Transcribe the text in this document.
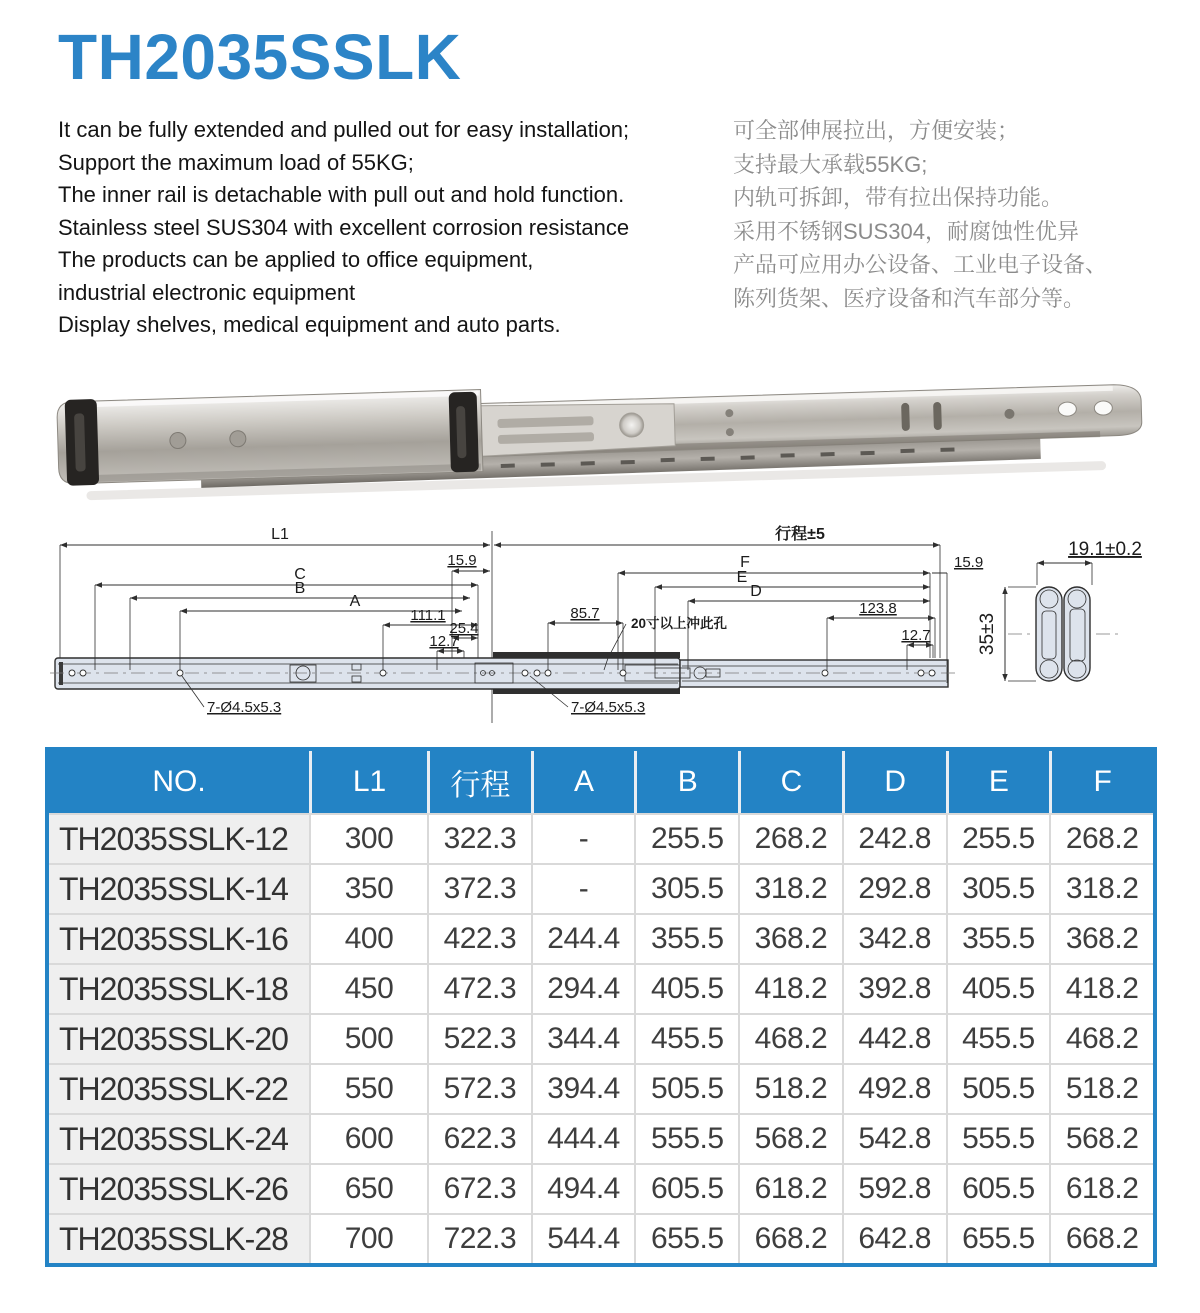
TH2035SSLK
It can be fully extended and pulled out for easy installation;
Support the maximum load of 55KG;
The inner rail is detachable with pull out and hold function.
Stainless steel SUS304 with excellent corrosion resistance
The products can be applied to office equipment,
industrial electronic equipment
Display shelves, medical equipment and auto parts.
可全部伸展拉出，方便安装；
支持最大承载55KG;
内轨可拆卸，带有拉出保持功能。
采用不锈钢SUS304，耐腐蚀性优异
产品可应用办公设备、工业电子设备、
陈列货架、医疗设备和汽车部分等。
L1
15.9
C
B
A
111.1
25.4
12.7
7-Ø4.5x5.3
行程±5
F	15.9
E
D
123.8
85.7
12.7
20寸以上冲此孔
7-Ø4.5x5.3
19.1±0.2
35±3
NO.	L1	行程	A	B	C	D	E	F
TH2035SSLK-12	300	322.3	-	255.5	268.2	242.8	255.5	268.2
TH2035SSLK-14	350	372.3	-	305.5	318.2	292.8	305.5	318.2
TH2035SSLK-16	400	422.3	244.4	355.5	368.2	342.8	355.5	368.2
TH2035SSLK-18	450	472.3	294.4	405.5	418.2	392.8	405.5	418.2
TH2035SSLK-20	500	522.3	344.4	455.5	468.2	442.8	455.5	468.2
TH2035SSLK-22	550	572.3	394.4	505.5	518.2	492.8	505.5	518.2
TH2035SSLK-24	600	622.3	444.4	555.5	568.2	542.8	555.5	568.2
TH2035SSLK-26	650	672.3	494.4	605.5	618.2	592.8	605.5	618.2
TH2035SSLK-28	700	722.3	544.4	655.5	668.2	642.8	655.5	668.2
